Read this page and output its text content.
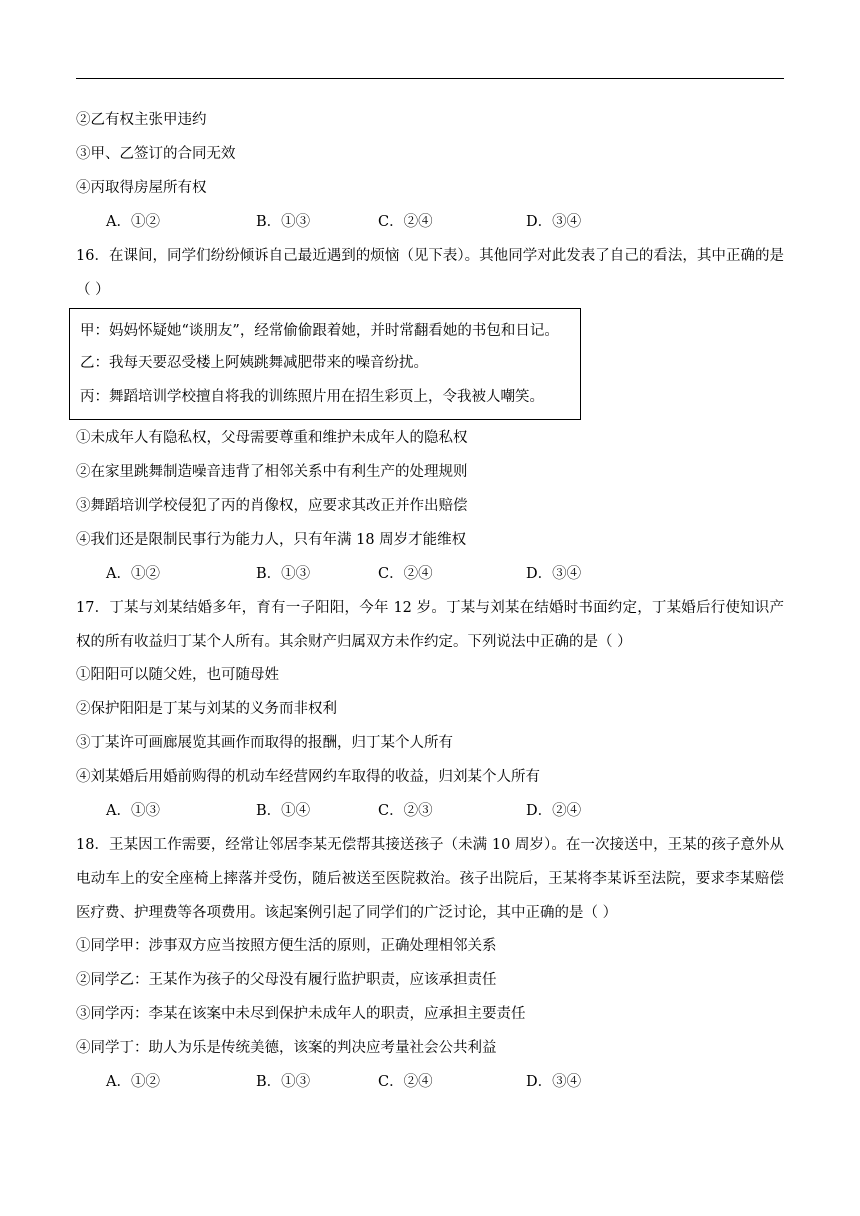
②乙有权主张甲违约
③甲、乙签订的合同无效
④丙取得房屋所有权
A．①②	B．①③	C．②④	D．③④
16．在课间，同学们纷纷倾诉自己最近遇到的烦恼（见下表）。其他同学对此发表了自己的看法，其中正确的是（ ）
甲：妈妈怀疑她“谈朋友”，经常偷偷跟着她，并时常翻看她的书包和日记。
乙：我每天要忍受楼上阿姨跳舞减肥带来的噪音纷扰。
丙：舞蹈培训学校擅自将我的训练照片用在招生彩页上，令我被人嘲笑。
①未成年人有隐私权，父母需要尊重和维护未成年人的隐私权
②在家里跳舞制造噪音违背了相邻关系中有利生产的处理规则
③舞蹈培训学校侵犯了丙的肖像权，应要求其改正并作出赔偿
④我们还是限制民事行为能力人，只有年满 18 周岁才能维权
A．①②	B．①③	C．②④	D．③④
17．丁某与刘某结婚多年，育有一子阳阳，今年 12 岁。丁某与刘某在结婚时书面约定，丁某婚后行使知识产权的所有收益归丁某个人所有。其余财产归属双方未作约定。下列说法中正确的是（ ）
①阳阳可以随父姓，也可随母姓
②保护阳阳是丁某与刘某的义务而非权利
③丁某许可画廊展览其画作而取得的报酬，归丁某个人所有
④刘某婚后用婚前购得的机动车经营网约车取得的收益，归刘某个人所有
A．①③	B．①④	C．②③	D．②④
18．王某因工作需要，经常让邻居李某无偿帮其接送孩子（未满 10 周岁）。在一次接送中，王某的孩子意外从电动车上的安全座椅上摔落并受伤，随后被送至医院救治。孩子出院后，王某将李某诉至法院，要求李某赔偿医疗费、护理费等各项费用。该起案例引起了同学们的广泛讨论，其中正确的是（ ）
①同学甲：涉事双方应当按照方便生活的原则，正确处理相邻关系
②同学乙：王某作为孩子的父母没有履行监护职责，应该承担责任
③同学丙：李某在该案中未尽到保护未成年人的职责，应承担主要责任
④同学丁：助人为乐是传统美德，该案的判决应考量社会公共利益
A．①②	B．①③	C．②④	D．③④
